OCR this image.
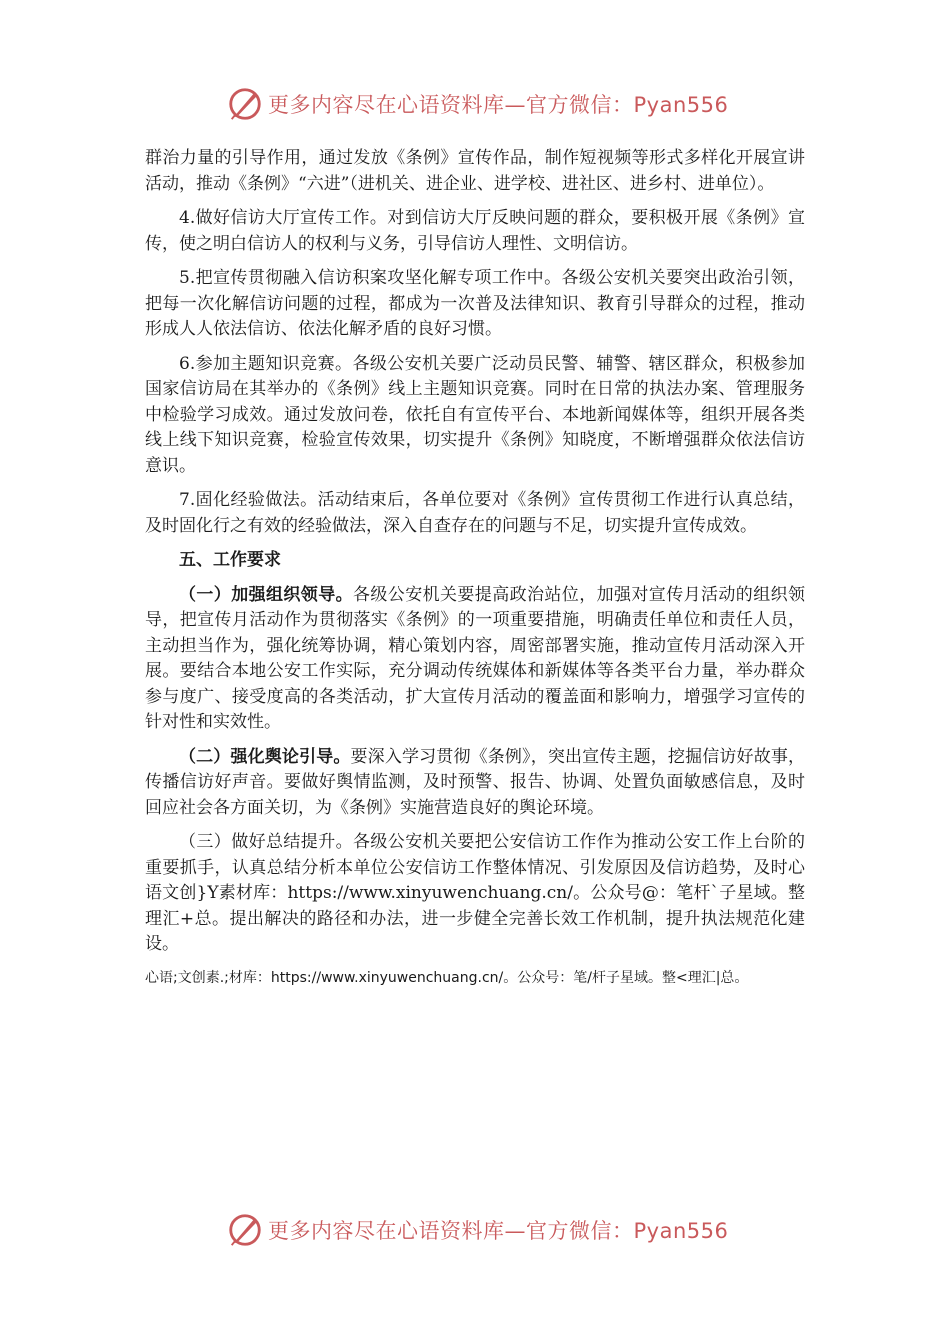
更多内容尽在心语资料库—官方微信：Pyan556

群治力量的引导作用，通过发放《条例》宣传作品，制作短视频等形式多样化开展宣讲活动，推动《条例》“六进”（进机关、进企业、进学校、进社区、进乡村、进单位）。

4.做好信访大厅宣传工作。对到信访大厅反映问题的群众，要积极开展《条例》宣传，使之明白信访人的权利与义务，引导信访人理性、文明信访。

5.把宣传贯彻融入信访积案攻坚化解专项工作中。各级公安机关要突出政治引领，把每一次化解信访问题的过程，都成为一次普及法律知识、教育引导群众的过程，推动形成人人依法信访、依法化解矛盾的良好习惯。

6.参加主题知识竞赛。各级公安机关要广泛动员民警、辅警、辖区群众，积极参加国家信访局在其举办的《条例》线上主题知识竞赛。同时在日常的执法办案、管理服务中检验学习成效。通过发放问卷，依托自有宣传平台、本地新闻媒体等，组织开展各类线上线下知识竞赛，检验宣传效果，切实提升《条例》知晓度，不断增强群众依法信访意识。

7.固化经验做法。活动结束后，各单位要对《条例》宣传贯彻工作进行认真总结，及时固化行之有效的经验做法，深入自查存在的问题与不足，切实提升宣传成效。

五、工作要求

（一）加强组织领导。各级公安机关要提高政治站位，加强对宣传月活动的组织领导，把宣传月活动作为贯彻落实《条例》的一项重要措施，明确责任单位和责任人员，主动担当作为，强化统筹协调，精心策划内容，周密部署实施，推动宣传月活动深入开展。要结合本地公安工作实际，充分调动传统媒体和新媒体等各类平台力量，举办群众参与度广、接受度高的各类活动，扩大宣传月活动的覆盖面和影响力，增强学习宣传的针对性和实效性。

（二）强化舆论引导。要深入学习贯彻《条例》，突出宣传主题，挖掘信访好故事，传播信访好声音。要做好舆情监测，及时预警、报告、协调、处置负面敏感信息，及时回应社会各方面关切，为《条例》实施营造良好的舆论环境。

（三）做好总结提升。各级公安机关要把公安信访工作作为推动公安工作上台阶的重要抓手，认真总结分析本单位公安信访工作整体情况、引发原因及信访趋势，及时心语文创}Y素材库：https://www.xinyuwenchuang.cn/。公众号@：笔杆`子星域。整理汇+总。提出解决的路径和办法，进一步健全完善长效工作机制，提升执法规范化建设。

心语;文创素.;材库：https://www.xinyuwenchuang.cn/。公众号：笔/杆子星域。整<理汇|总。
更多内容尽在心语资料库—官方微信：Pyan556
